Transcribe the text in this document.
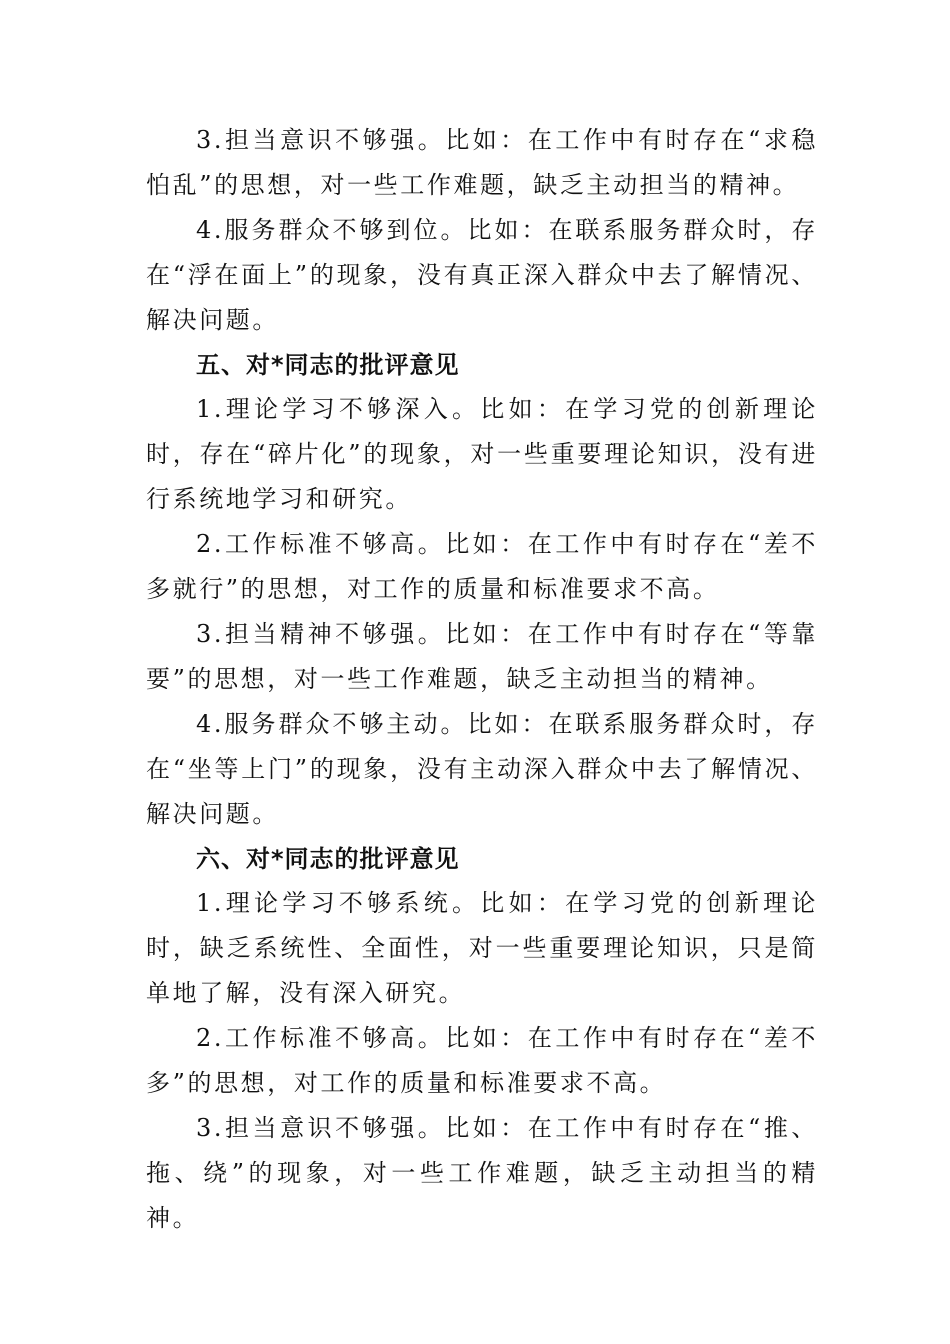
3.担当意识不够强。比如：在工作中有时存在“求稳怕乱”的思想，对一些工作难题，缺乏主动担当的精神。

4.服务群众不够到位。比如：在联系服务群众时，存在“浮在面上”的现象，没有真正深入群众中去了解情况、解决问题。

五、对*同志的批评意见

1.理论学习不够深入。比如：在学习党的创新理论时，存在“碎片化”的现象，对一些重要理论知识，没有进行系统地学习和研究。

2.工作标准不够高。比如：在工作中有时存在“差不多就行”的思想，对工作的质量和标准要求不高。

3.担当精神不够强。比如：在工作中有时存在“等靠要”的思想，对一些工作难题，缺乏主动担当的精神。

4.服务群众不够主动。比如：在联系服务群众时，存在“坐等上门”的现象，没有主动深入群众中去了解情况、解决问题。

六、对*同志的批评意见

1.理论学习不够系统。比如：在学习党的创新理论时，缺乏系统性、全面性，对一些重要理论知识，只是简单地了解，没有深入研究。

2.工作标准不够高。比如：在工作中有时存在“差不多”的思想，对工作的质量和标准要求不高。

3.担当意识不够强。比如：在工作中有时存在“推、拖、绕”的现象，对一些工作难题，缺乏主动担当的精神。
